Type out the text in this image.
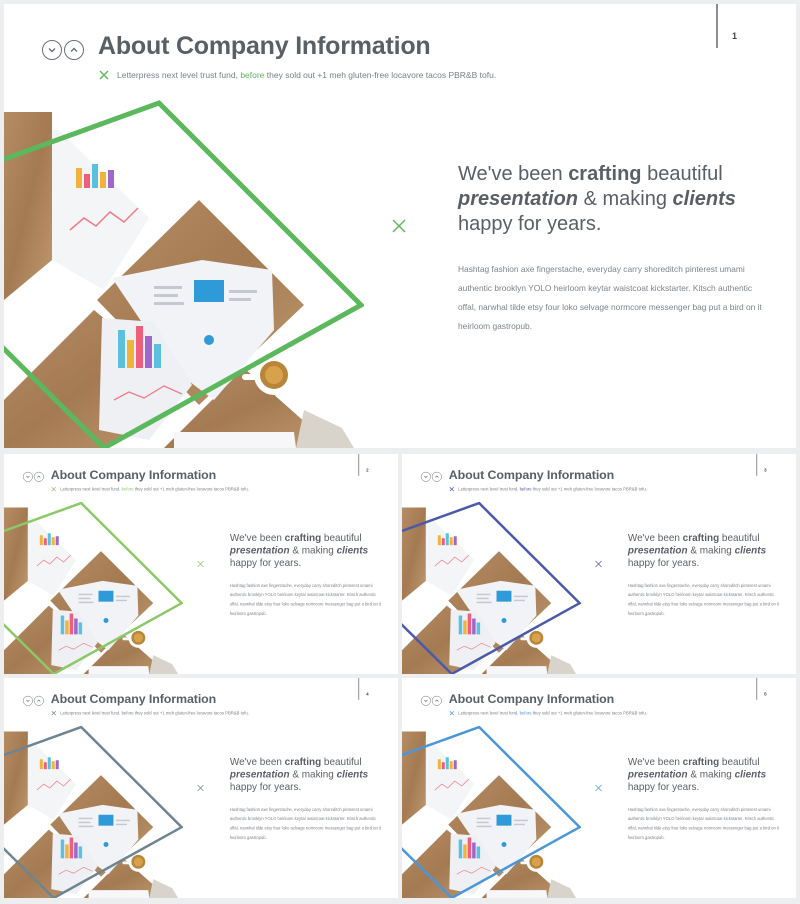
About Company Information	1
Letterpress next level trust fund, before they sold out +1 meh gluten-free locavore tacos PBR&B tofu.
We've been crafting beautiful
presentation & making clients
happy for years.
Hashtag fashion axe fingerstache, everyday carry shoreditch pinterest umami authentic brooklyn YOLO heirloom keytar waistcoat kickstarter. Kitsch authentic offal, narwhal tilde etsy four loko selvage normcore messenger bag put a bird on it heirloom gastropub.
About Company Information	2
Letterpress next level trust fund, before they sold out +1 meh gluten-free locavore tacos PBR&B tofu.
We've been crafting beautiful
presentation & making clients
happy for years.
Hashtag fashion axe fingerstache, everyday carry shoreditch pinterest umami authentic brooklyn YOLO heirloom keytar waistcoat kickstarter. Kitsch authentic offal, narwhal tilde etsy four loko selvage normcore messenger bag put a bird on it heirloom gastropub.
About Company Information	3
Letterpress next level trust fund, before they sold out +1 meh gluten-free locavore tacos PBR&B tofu.
We've been crafting beautiful
presentation & making clients
happy for years.
Hashtag fashion axe fingerstache, everyday carry shoreditch pinterest umami authentic brooklyn YOLO heirloom keytar waistcoat kickstarter. Kitsch authentic offal, narwhal tilde etsy four loko selvage normcore messenger bag put a bird on it heirloom gastropub.
About Company Information	4
Letterpress next level trust fund, before they sold out +1 meh gluten-free locavore tacos PBR&B tofu.
We've been crafting beautiful
presentation & making clients
happy for years.
Hashtag fashion axe fingerstache, everyday carry shoreditch pinterest umami authentic brooklyn YOLO heirloom keytar waistcoat kickstarter. Kitsch authentic offal, narwhal tilde etsy four loko selvage normcore messenger bag put a bird on it heirloom gastropub.
About Company Information	5
Letterpress next level trust fund, before they sold out +1 meh gluten-free locavore tacos PBR&B tofu.
We've been crafting beautiful
presentation & making clients
happy for years.
Hashtag fashion axe fingerstache, everyday carry shoreditch pinterest umami authentic brooklyn YOLO heirloom keytar waistcoat kickstarter. Kitsch authentic offal, narwhal tilde etsy four loko selvage normcore messenger bag put a bird on it heirloom gastropub.
